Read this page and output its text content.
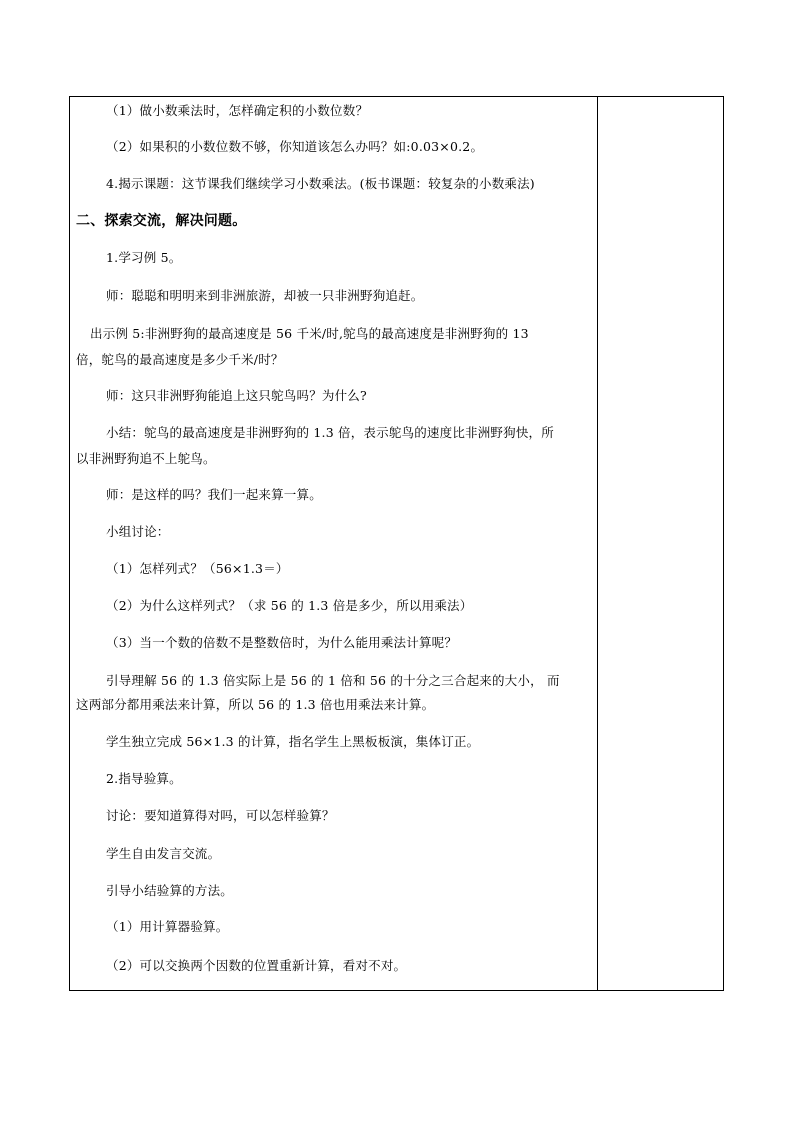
（1）做小数乘法时，怎样确定积的小数位数？
（2）如果积的小数位数不够，你知道该怎么办吗？如:0.03×0.2。
4.揭示课题：这节课我们继续学习小数乘法。(板书课题：较复杂的小数乘法)
二、探索交流，解决问题。
1.学习例 5。
师：聪聪和明明来到非洲旅游，却被一只非洲野狗追赶。
出示例 5:非洲野狗的最高速度是 56 千米/时,鸵鸟的最高速度是非洲野狗的 13
倍，鸵鸟的最高速度是多少千米/时？
师：这只非洲野狗能追上这只鸵鸟吗？为什么?
小结：鸵鸟的最高速度是非洲野狗的 1.3 倍，表示鸵鸟的速度比非洲野狗快，所
以非洲野狗追不上鸵鸟。
师：是这样的吗？我们一起来算一算。
小组讨论：
（1）怎样列式？（56×1.3＝）
（2）为什么这样列式？（求 56 的 1.3 倍是多少，所以用乘法）
（3）当一个数的倍数不是整数倍时，为什么能用乘法计算呢？
引导理解 56 的 1.3 倍实际上是 56 的 1 倍和 56 的十分之三合起来的大小， 而
这两部分都用乘法来计算，所以 56 的 1.3 倍也用乘法来计算。
学生独立完成 56×1.3 的计算，指名学生上黑板板演，集体订正。
2.指导验算。
讨论：要知道算得对吗，可以怎样验算？
学生自由发言交流。
引导小结验算的方法。
（1）用计算器验算。
（2）可以交换两个因数的位置重新计算，看对不对。
